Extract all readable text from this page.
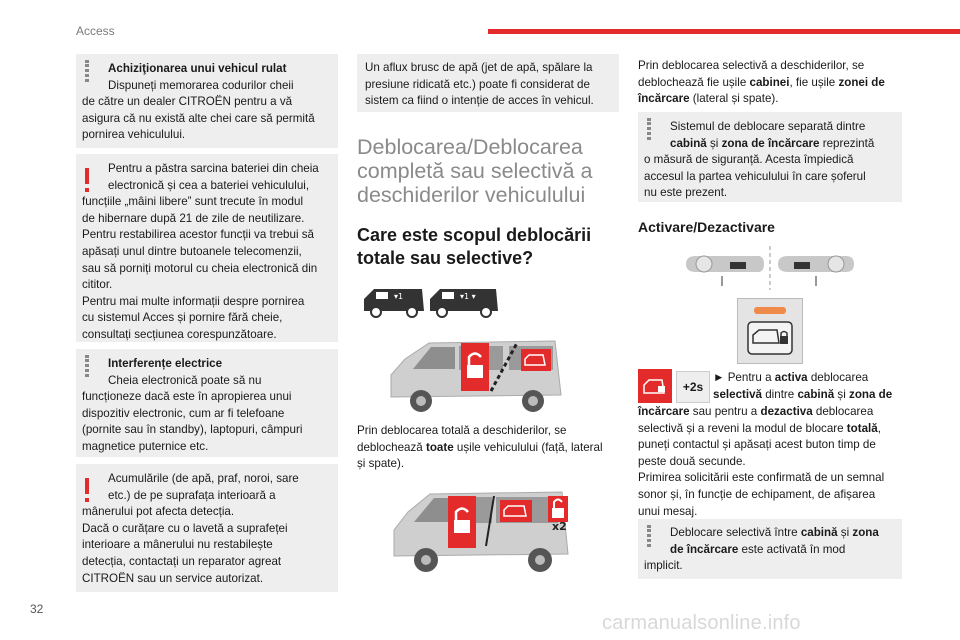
Access

Achiziţionarea unui vehicul rulat

Dispuneți memorarea codurilor cheii

de către un dealer CITROËN pentru a vă

asigura că nu există alte chei care să permită

pornirea vehiculului.

Pentru a păstra sarcina bateriei din cheia

electronică și cea a bateriei vehiculului,

funcțiile „mâini libere” sunt trecute în modul

de hibernare după 21 de zile de neutilizare.

Pentru restabilirea acestor funcții va trebui să

apăsați unul dintre butoanele telecomenzii,

sau să porniți motorul cu cheia electronică din

cititor.

Pentru mai multe informații despre pornirea

cu sistemul Acces și pornire fără cheie,

consultați secțiunea corespunzătoare.

Interferențe electrice

Cheia electronică poate să nu

funcționeze dacă este în apropierea unui

dispozitiv electronic, cum ar fi telefoane

(pornite sau în standby), laptopuri, câmpuri

magnetice puternice etc.

Acumulările (de apă, praf, noroi, sare

etc.) de pe suprafața interioară a

mânerului pot afecta detecția.

Dacă o curățare cu o lavetă a suprafeței

interioare a mânerului nu restabilește

detecția, contactați un reparator agreat

CITROËN sau un service autorizat.

32

Un aflux brusc de apă (jet de apă, spălare la

presiune ridicată etc.) poate fi considerat de

sistem ca fiind o intenție de acces în vehicul.

Deblocarea/Deblocarea
completă sau selectivă a
deschiderilor vehiculului
Care este scopul deblocării
totale sau selective?
▾1	▾1 ▾
Prin deblocarea totală a deschiderilor, se
deblochează toate ușile vehiculului (față, lateral
și spate).
x2
Prin deblocarea selectivă a deschiderilor, se
deblochează fie ușile cabinei, fie ușile zonei de
încărcare (lateral și spate).

Sistemul de deblocare separată dintre

cabină și zona de încărcare reprezintă

o măsură de siguranță. Acesta împiedică

accesul la partea vehiculului în care șoferul

nu este prezent.

Activare/Dezactivare
+2s
► Pentru a activa deblocarea
selectivă dintre cabină și zona de
încărcare sau pentru a dezactiva deblocarea
selectivă și a reveni la modul de blocare totală,
puneți contactul și apăsați acest buton timp de
peste două secunde.
Primirea solicitării este confirmată de un semnal
sonor și, în funcție de echipament, de afișarea
unui mesaj.

Deblocare selectivă între cabină și zona

de încărcare este activată în mod

implicit.

carmanualsonline.info
